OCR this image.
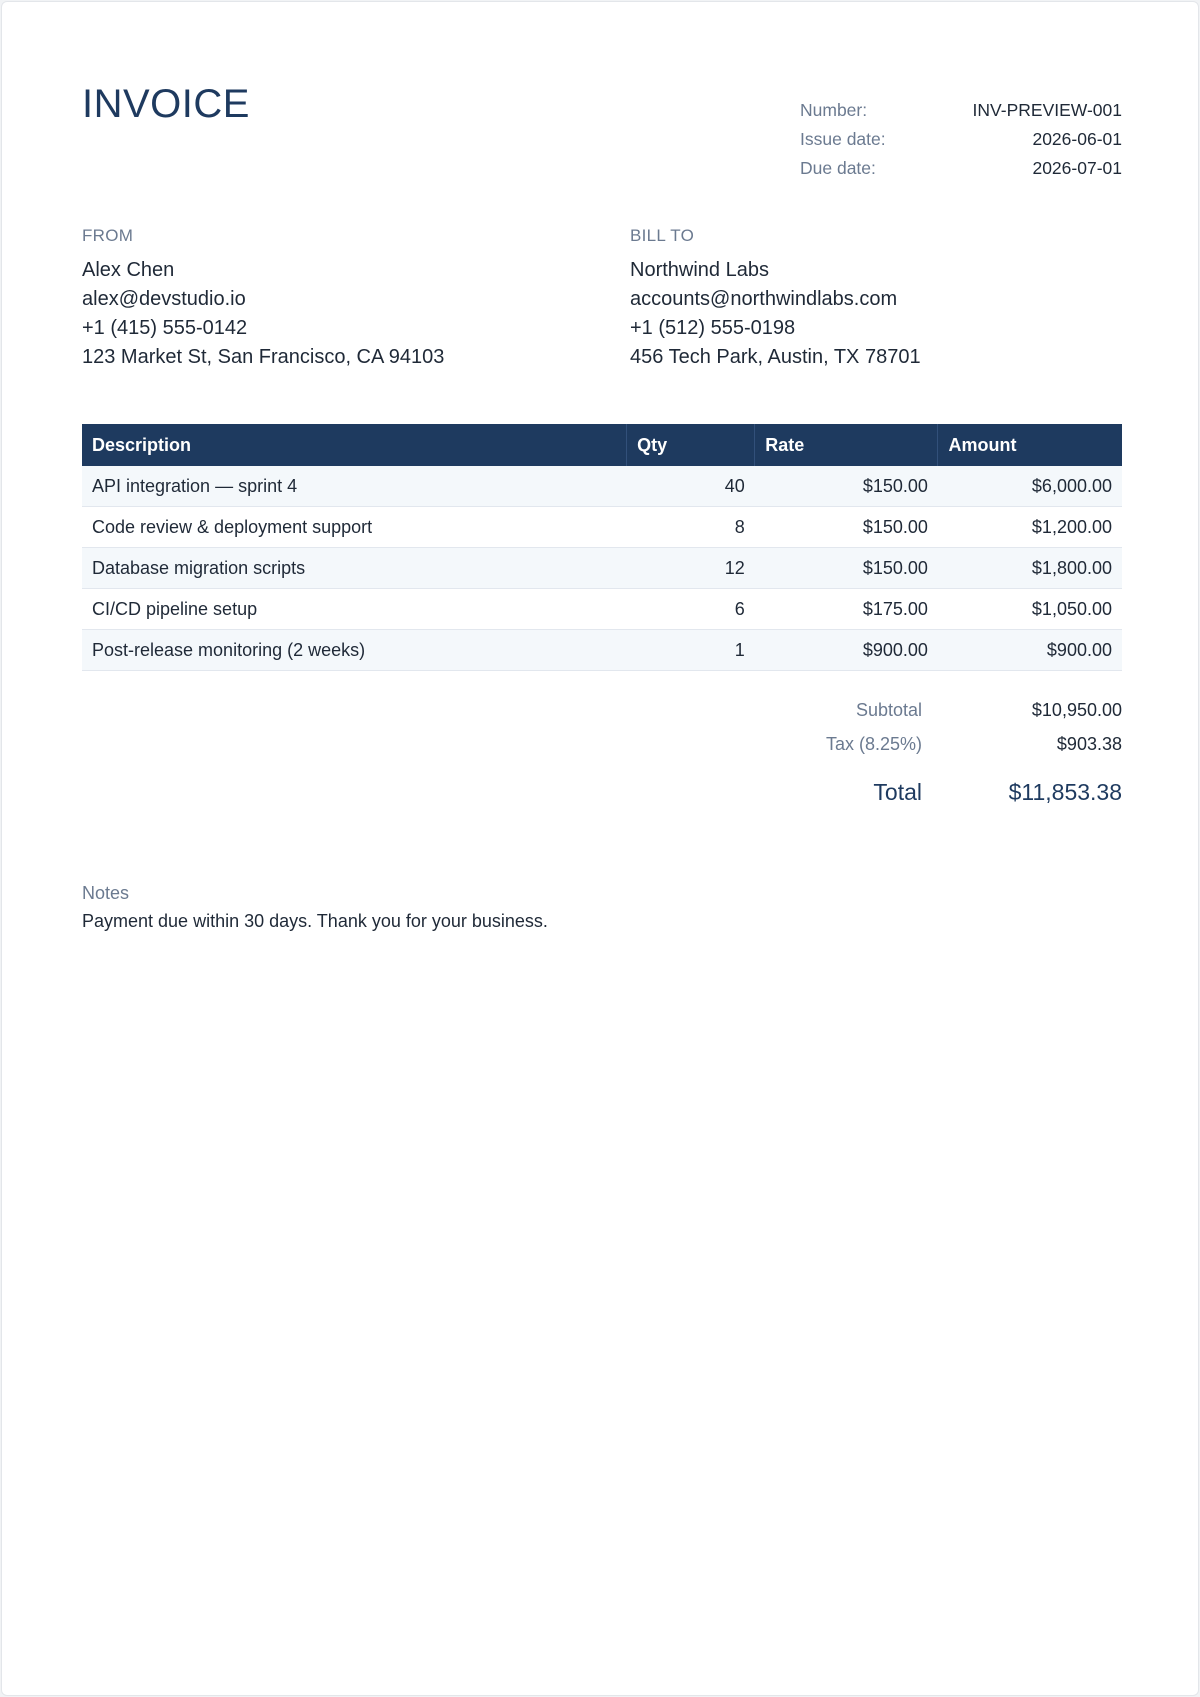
INVOICE	Number:	INV-PREVIEW-001
Issue date:	2026-06-01
Due date:	2026-07-01
FROM
Alex Chen
alex@devstudio.io
+1 (415) 555-0142
123 Market St, San Francisco, CA 94103
BILL TO
Northwind Labs
accounts@northwindlabs.com
+1 (512) 555-0198
456 Tech Park, Austin, TX 78701
Description	Qty	Rate	Amount
API integration — sprint 4	40	$150.00	$6,000.00
Code review & deployment support	8	$150.00	$1,200.00
Database migration scripts	12	$150.00	$1,800.00
CI/CD pipeline setup	6	$175.00	$1,050.00
Post-release monitoring (2 weeks)	1	$900.00	$900.00
Subtotal	$10,950.00
Tax (8.25%)	$903.38
Total	$11,853.38
Notes
Payment due within 30 days. Thank you for your business.
